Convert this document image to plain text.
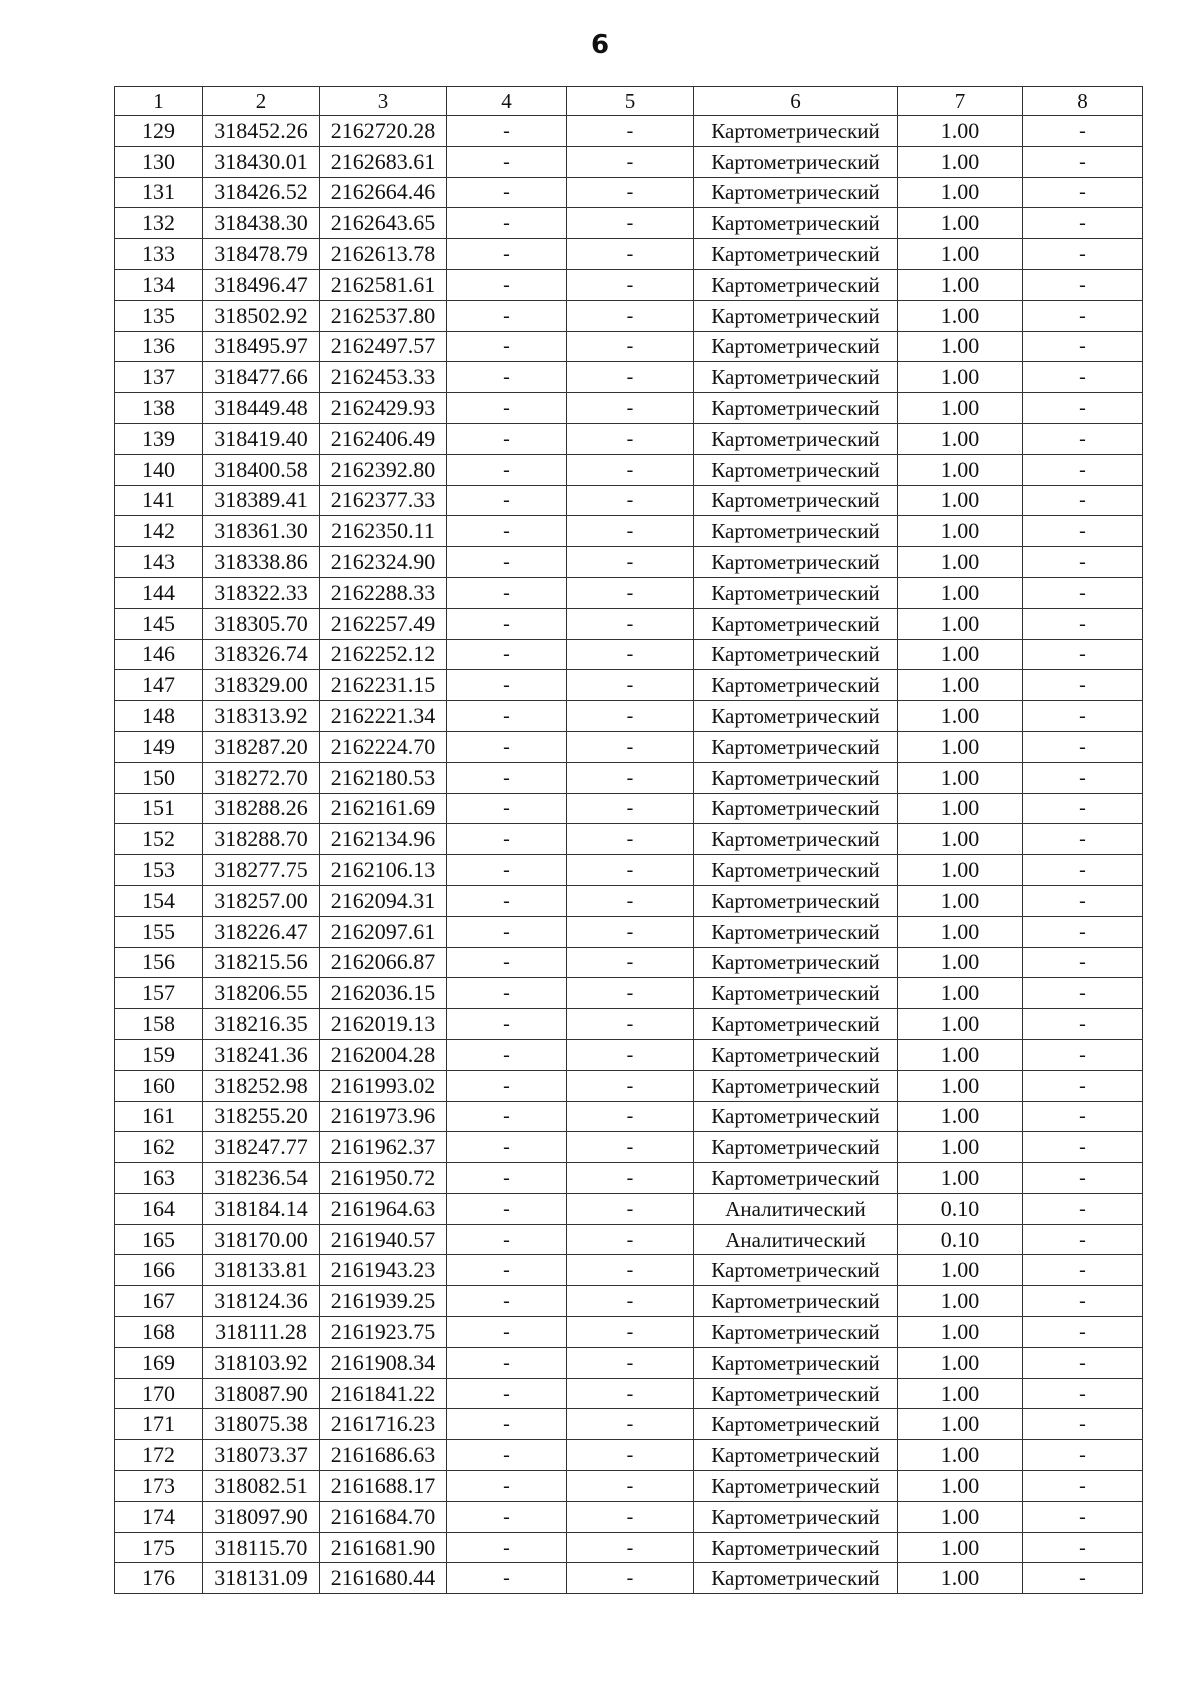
6
1	2	3	4	5	6	7	8
129	318452.26	2162720.28	-	-	Картометрический	1.00	-
130	318430.01	2162683.61	-	-	Картометрический	1.00	-
131	318426.52	2162664.46	-	-	Картометрический	1.00	-
132	318438.30	2162643.65	-	-	Картометрический	1.00	-
133	318478.79	2162613.78	-	-	Картометрический	1.00	-
134	318496.47	2162581.61	-	-	Картометрический	1.00	-
135	318502.92	2162537.80	-	-	Картометрический	1.00	-
136	318495.97	2162497.57	-	-	Картометрический	1.00	-
137	318477.66	2162453.33	-	-	Картометрический	1.00	-
138	318449.48	2162429.93	-	-	Картометрический	1.00	-
139	318419.40	2162406.49	-	-	Картометрический	1.00	-
140	318400.58	2162392.80	-	-	Картометрический	1.00	-
141	318389.41	2162377.33	-	-	Картометрический	1.00	-
142	318361.30	2162350.11	-	-	Картометрический	1.00	-
143	318338.86	2162324.90	-	-	Картометрический	1.00	-
144	318322.33	2162288.33	-	-	Картометрический	1.00	-
145	318305.70	2162257.49	-	-	Картометрический	1.00	-
146	318326.74	2162252.12	-	-	Картометрический	1.00	-
147	318329.00	2162231.15	-	-	Картометрический	1.00	-
148	318313.92	2162221.34	-	-	Картометрический	1.00	-
149	318287.20	2162224.70	-	-	Картометрический	1.00	-
150	318272.70	2162180.53	-	-	Картометрический	1.00	-
151	318288.26	2162161.69	-	-	Картометрический	1.00	-
152	318288.70	2162134.96	-	-	Картометрический	1.00	-
153	318277.75	2162106.13	-	-	Картометрический	1.00	-
154	318257.00	2162094.31	-	-	Картометрический	1.00	-
155	318226.47	2162097.61	-	-	Картометрический	1.00	-
156	318215.56	2162066.87	-	-	Картометрический	1.00	-
157	318206.55	2162036.15	-	-	Картометрический	1.00	-
158	318216.35	2162019.13	-	-	Картометрический	1.00	-
159	318241.36	2162004.28	-	-	Картометрический	1.00	-
160	318252.98	2161993.02	-	-	Картометрический	1.00	-
161	318255.20	2161973.96	-	-	Картометрический	1.00	-
162	318247.77	2161962.37	-	-	Картометрический	1.00	-
163	318236.54	2161950.72	-	-	Картометрический	1.00	-
164	318184.14	2161964.63	-	-	Аналитический	0.10	-
165	318170.00	2161940.57	-	-	Аналитический	0.10	-
166	318133.81	2161943.23	-	-	Картометрический	1.00	-
167	318124.36	2161939.25	-	-	Картометрический	1.00	-
168	318111.28	2161923.75	-	-	Картометрический	1.00	-
169	318103.92	2161908.34	-	-	Картометрический	1.00	-
170	318087.90	2161841.22	-	-	Картометрический	1.00	-
171	318075.38	2161716.23	-	-	Картометрический	1.00	-
172	318073.37	2161686.63	-	-	Картометрический	1.00	-
173	318082.51	2161688.17	-	-	Картометрический	1.00	-
174	318097.90	2161684.70	-	-	Картометрический	1.00	-
175	318115.70	2161681.90	-	-	Картометрический	1.00	-
176	318131.09	2161680.44	-	-	Картометрический	1.00	-
